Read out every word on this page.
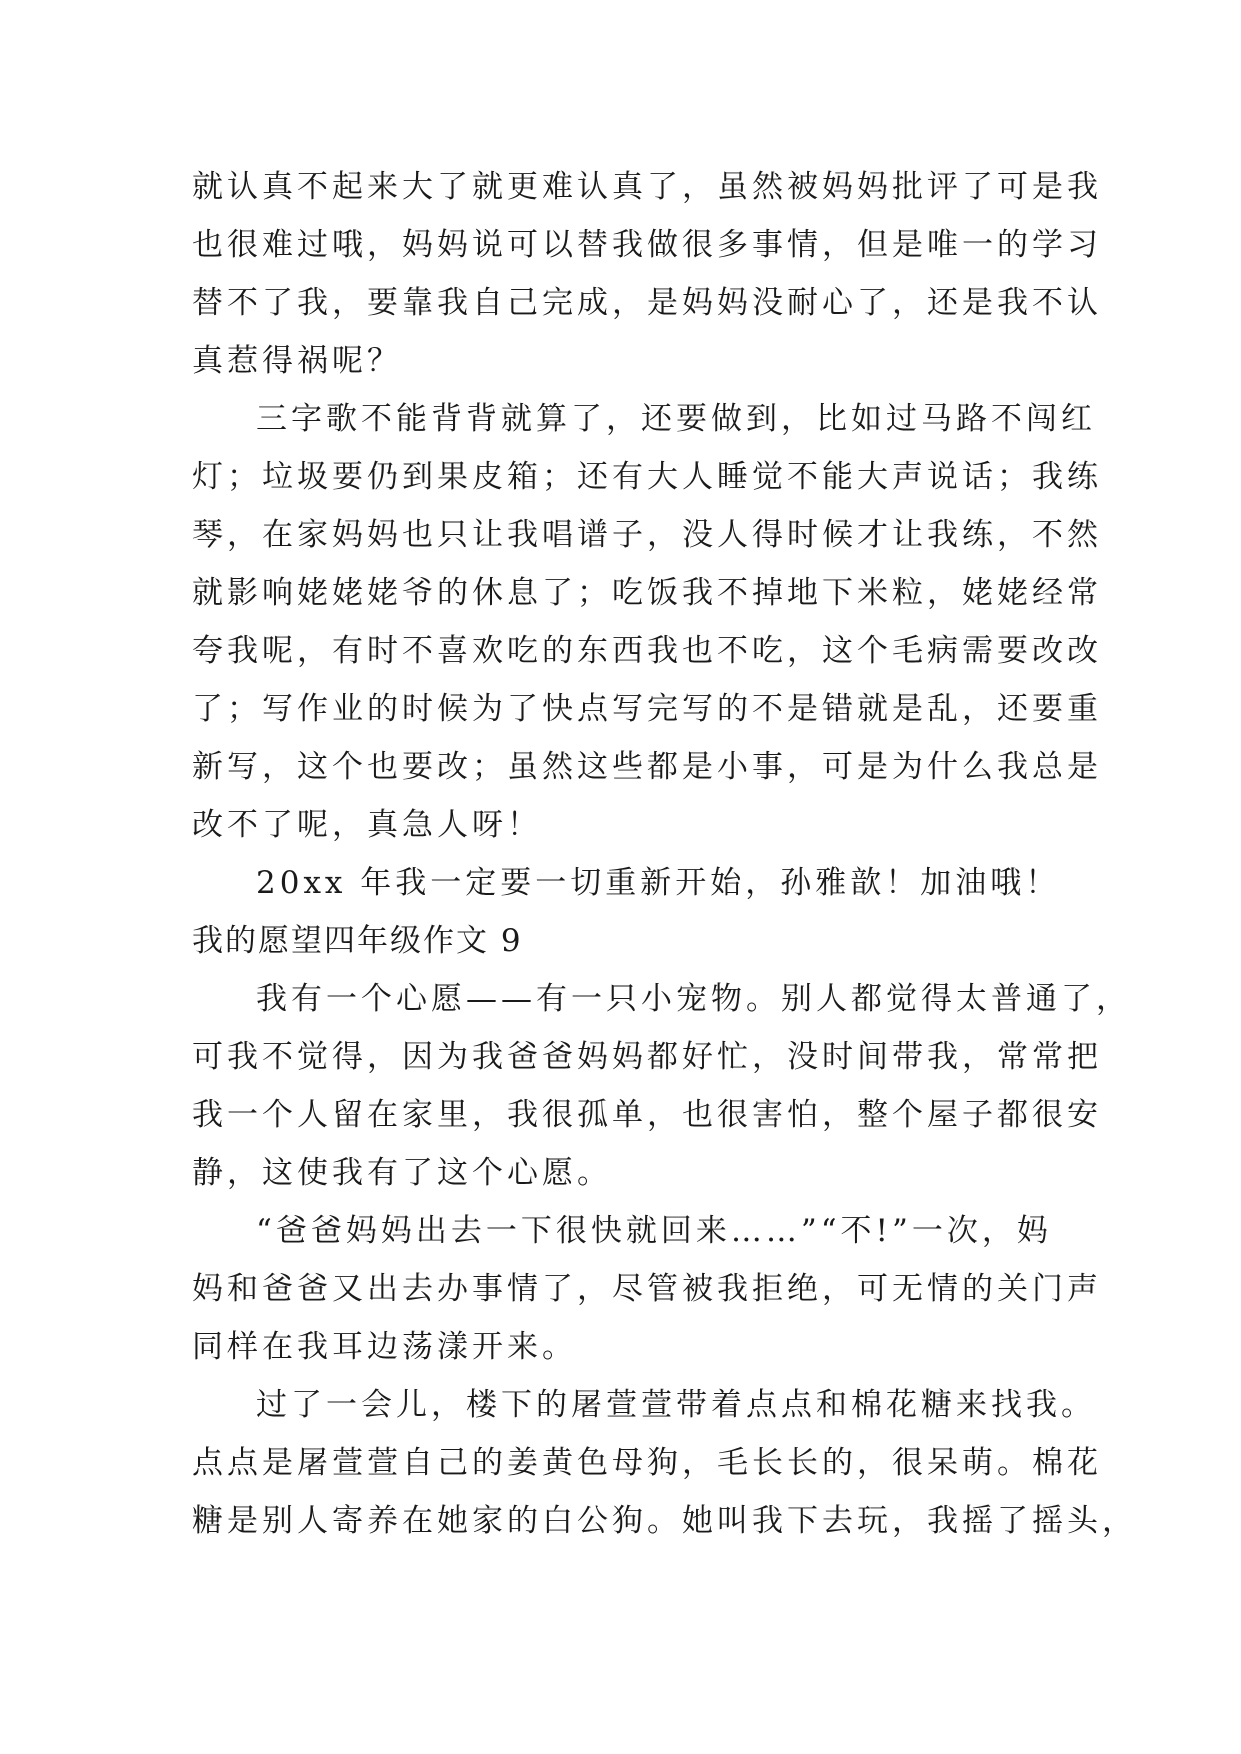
就认真不起来大了就更难认真了，虽然被妈妈批评了可是我
也很难过哦，妈妈说可以替我做很多事情，但是唯一的学习
替不了我，要靠我自己完成，是妈妈没耐心了，还是我不认
真惹得祸呢？
三字歌不能背背就算了，还要做到，比如过马路不闯红
灯；垃圾要仍到果皮箱；还有大人睡觉不能大声说话；我练
琴，在家妈妈也只让我唱谱子，没人得时候才让我练，不然
就影响姥姥姥爷的休息了；吃饭我不掉地下米粒，姥姥经常
夸我呢，有时不喜欢吃的东西我也不吃，这个毛病需要改改
了；写作业的时候为了快点写完写的不是错就是乱，还要重
新写，这个也要改；虽然这些都是小事，可是为什么我总是
改不了呢，真急人呀！
20xx 年我一定要一切重新开始，孙雅歆！加油哦！
我的愿望四年级作文 9
我有一个心愿——有一只小宠物。别人都觉得太普通了，
可我不觉得，因为我爸爸妈妈都好忙，没时间带我，常常把
我一个人留在家里，我很孤单，也很害怕，整个屋子都很安
静，这使我有了这个心愿。
“爸爸妈妈出去一下很快就回来……”“不!”一次，妈
妈和爸爸又出去办事情了，尽管被我拒绝，可无情的关门声
同样在我耳边荡漾开来。
过了一会儿，楼下的屠萱萱带着点点和棉花糖来找我。
点点是屠萱萱自己的姜黄色母狗，毛长长的，很呆萌。棉花
糖是别人寄养在她家的白公狗。她叫我下去玩，我摇了摇头，
